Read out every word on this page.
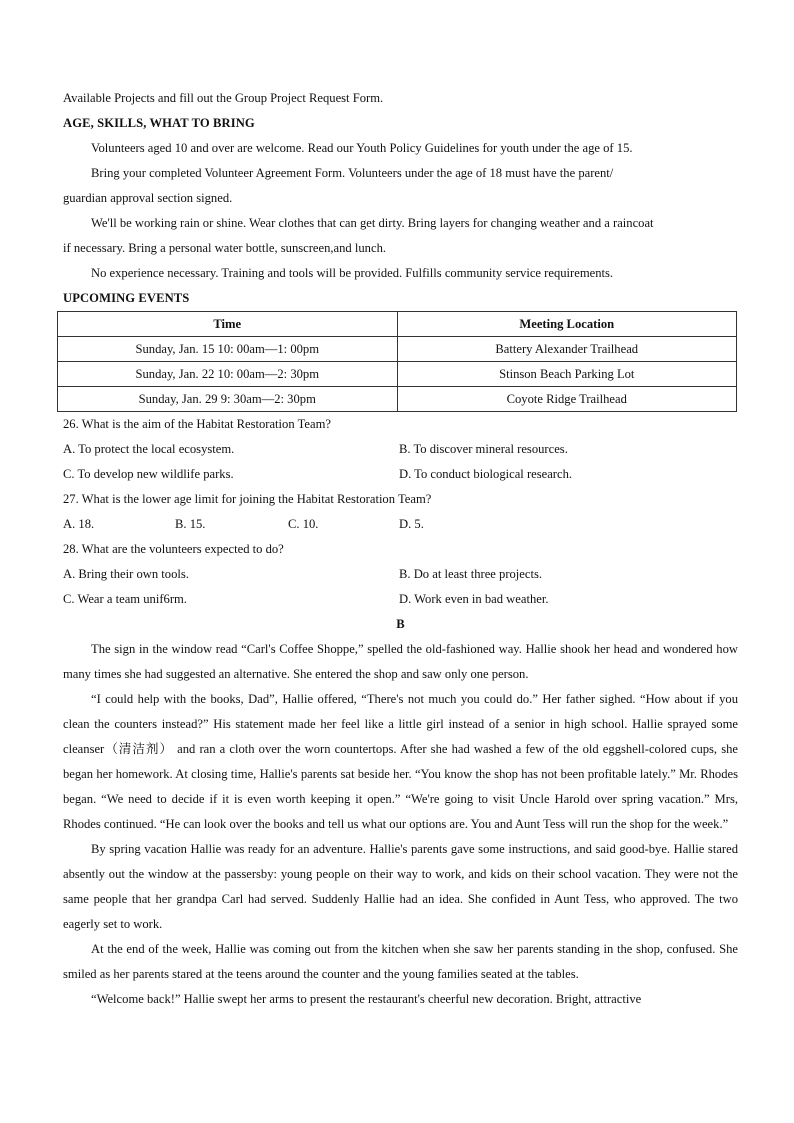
Available Projects and fill out the Group Project Request Form.
AGE, SKILLS, WHAT TO BRING
Volunteers aged 10 and over are welcome. Read our Youth Policy Guidelines for youth under the age of 15.
Bring your completed Volunteer Agreement Form. Volunteers under the age of 18 must have the parent/
guardian approval section signed.
We'll be working rain or shine. Wear clothes that can get dirty. Bring layers for changing weather and a raincoat
if necessary. Bring a personal water bottle, sunscreen,and lunch.
No experience necessary. Training and tools will be provided. Fulfills community service requirements.
UPCOMING EVENTS
Time	Meeting Location
Sunday, Jan. 15 10: 00am—1: 00pm	Battery Alexander Trailhead
Sunday, Jan. 22 10: 00am—2: 30pm	Stinson Beach Parking Lot
Sunday, Jan. 29 9: 30am—2: 30pm	Coyote Ridge Trailhead
26. What is the aim of the Habitat Restoration Team?
A. To protect the local ecosystem.	B. To discover mineral resources.
C. To develop new wildlife parks.	D. To conduct biological research.
27. What is the lower age limit for joining the Habitat Restoration Team?
A. 18.	B. 15.	C. 10.	D. 5.
28. What are the volunteers expected to do?
A. Bring their own tools.	B. Do at least three projects.
C. Wear a team unif6rm.	D. Work even in bad weather.
B

The sign in the window read “Carl's Coffee Shoppe,” spelled the old-fashioned way. Hallie shook her head and wondered how many times she had suggested an alternative. She entered the shop and saw only one person.

“I could help with the books, Dad”, Hallie offered, “There's not much you could do.” Her father sighed. “How about if you clean the counters instead?” His statement made her feel like a little girl instead of a senior in high school. Hallie sprayed some cleanser（清洁剂） and ran a cloth over the worn countertops. After she had washed a few of the old eggshell-colored cups, she began her homework. At closing time, Hallie's parents sat beside her. “You know the shop has not been profitable lately.” Mr. Rhodes began. “We need to decide if it is even worth keeping it open.” “We're going to visit Uncle Harold over spring vacation.” Mrs, Rhodes continued. “He can look over the books and tell us what our options are. You and Aunt Tess will run the shop for the week.”

By spring vacation Hallie was ready for an adventure. Hallie's parents gave some instructions, and said good-bye. Hallie stared absently out the window at the passersby: young people on their way to work, and kids on their school vacation. They were not the same people that her grandpa Carl had served. Suddenly Hallie had an idea. She confided in Aunt Tess, who approved. The two eagerly set to work.

At the end of the week, Hallie was coming out from the kitchen when she saw her parents standing in the shop, confused. She smiled as her parents stared at the teens around the counter and the young families seated at the tables.

“Welcome back!” Hallie swept her arms to present the restaurant's cheerful new decoration. Bright, attractive
